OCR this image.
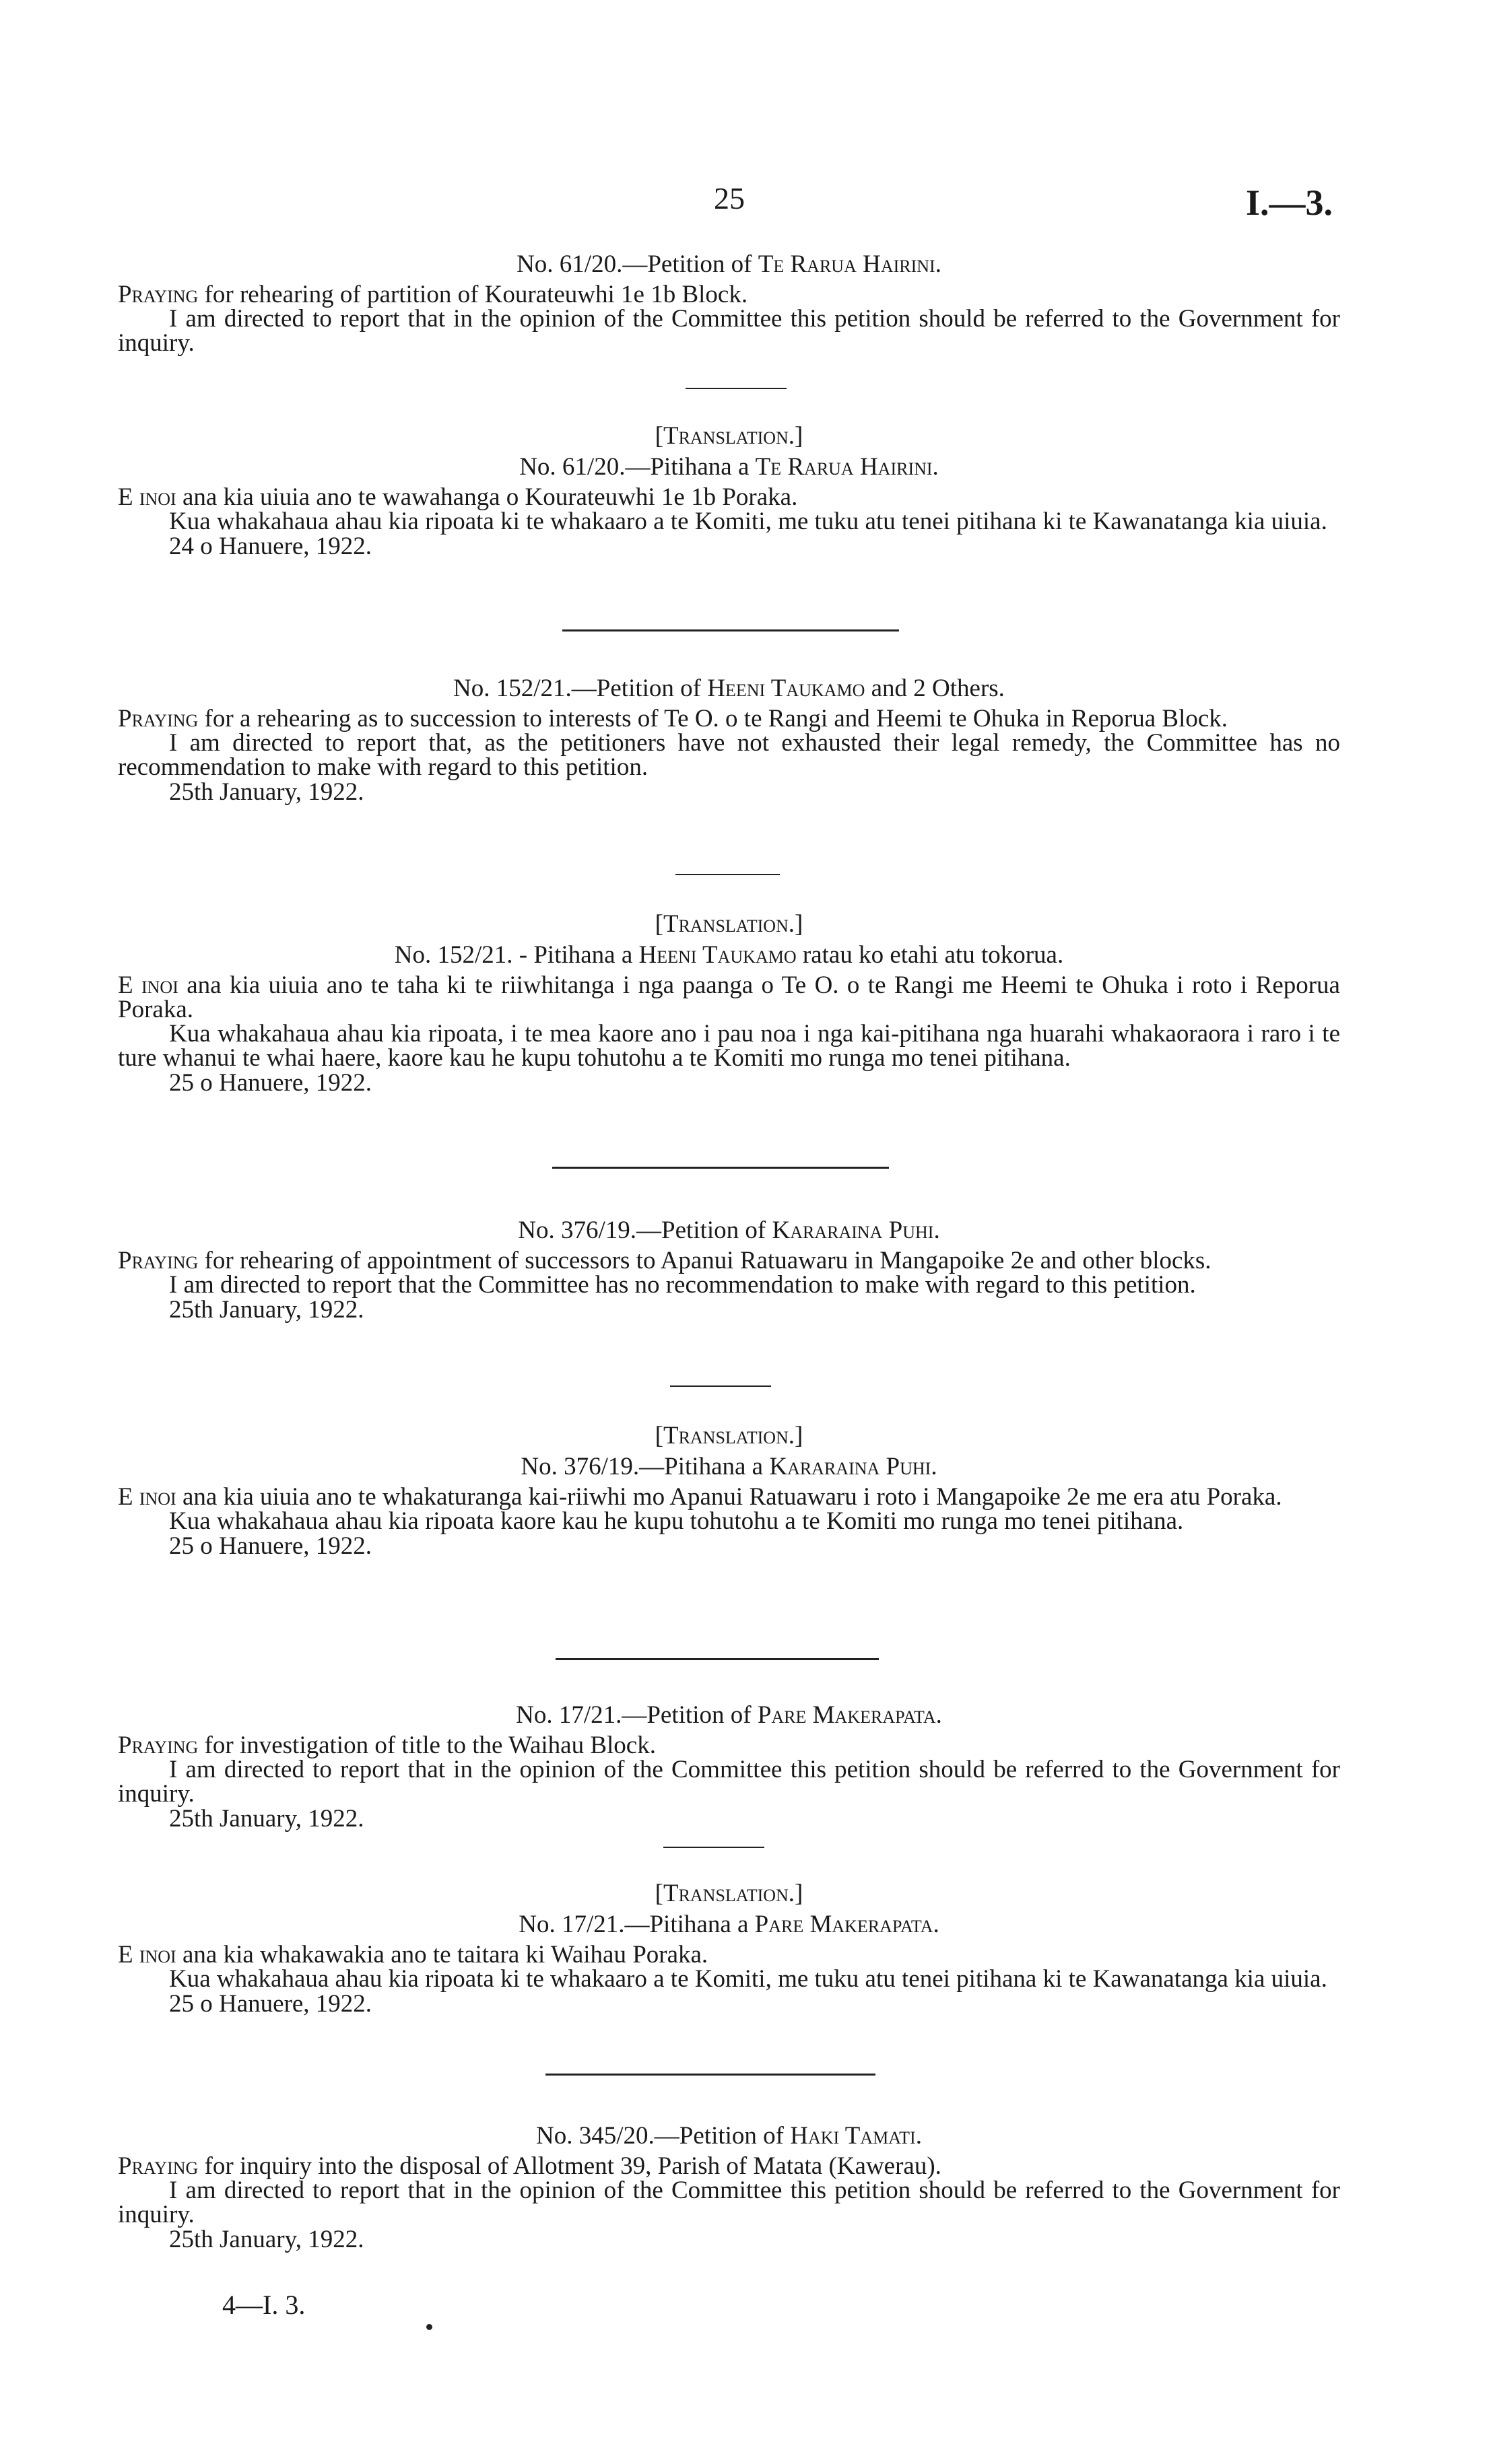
25	I.—3.
No. 61/20.—Petition of Te Rarua Hairini.
Praying for rehearing of partition of Kourateuwhi 1e 1b Block.
I am directed to report that in the opinion of the Committee this petition should be referred to the Government for inquiry.
[Translation.]
No. 61/20.—Pitihana a Te Rarua Hairini.
E inoi ana kia uiuia ano te wawahanga o Kourateuwhi 1e 1b Poraka.
Kua whakahaua ahau kia ripoata ki te whakaaro a te Komiti, me tuku atu tenei pitihana ki te Kawanatanga kia uiuia.
24 o Hanuere, 1922.
No. 152/21.—Petition of Heeni Taukamo and 2 Others.
Praying for a rehearing as to succession to interests of Te O. o te Rangi and Heemi te Ohuka in Reporua Block.
I am directed to report that, as the petitioners have not exhausted their legal remedy, the Committee has no recommendation to make with regard to this petition.
25th January, 1922.
[Translation.]
No. 152/21. - Pitihana a Heeni Taukamo ratau ko etahi atu tokorua.
E inoi ana kia uiuia ano te taha ki te riiwhitanga i nga paanga o Te O. o te Rangi me Heemi te Ohuka i roto i Reporua Poraka.
Kua whakahaua ahau kia ripoata, i te mea kaore ano i pau noa i nga kai-pitihana nga huarahi whakaoraora i raro i te ture whanui te whai haere, kaore kau he kupu tohutohu a te Komiti mo runga mo tenei pitihana.
25 o Hanuere, 1922.
No. 376/19.—Petition of Kararaina Puhi.
Praying for rehearing of appointment of successors to Apanui Ratuawaru in Mangapoike 2e and other blocks.
I am directed to report that the Committee has no recommendation to make with regard to this petition.
25th January, 1922.
[Translation.]
No. 376/19.—Pitihana a Kararaina Puhi.
E inoi ana kia uiuia ano te whakaturanga kai-riiwhi mo Apanui Ratuawaru i roto i Mangapoike 2e me era atu Poraka.
Kua whakahaua ahau kia ripoata kaore kau he kupu tohutohu a te Komiti mo runga mo tenei pitihana.
25 o Hanuere, 1922.
No. 17/21.—Petition of Pare Makerapata.
Praying for investigation of title to the Waihau Block.
I am directed to report that in the opinion of the Committee this petition should be referred to the Government for inquiry.
25th January, 1922.
[Translation.]
No. 17/21.—Pitihana a Pare Makerapata.
E inoi ana kia whakawakia ano te taitara ki Waihau Poraka.
Kua whakahaua ahau kia ripoata ki te whakaaro a te Komiti, me tuku atu tenei pitihana ki te Kawanatanga kia uiuia.
25 o Hanuere, 1922.
No. 345/20.—Petition of Haki Tamati.
Praying for inquiry into the disposal of Allotment 39, Parish of Matata (Kawerau).
I am directed to report that in the opinion of the Committee this petition should be referred to the Government for inquiry.
25th January, 1922.
4—I. 3.
